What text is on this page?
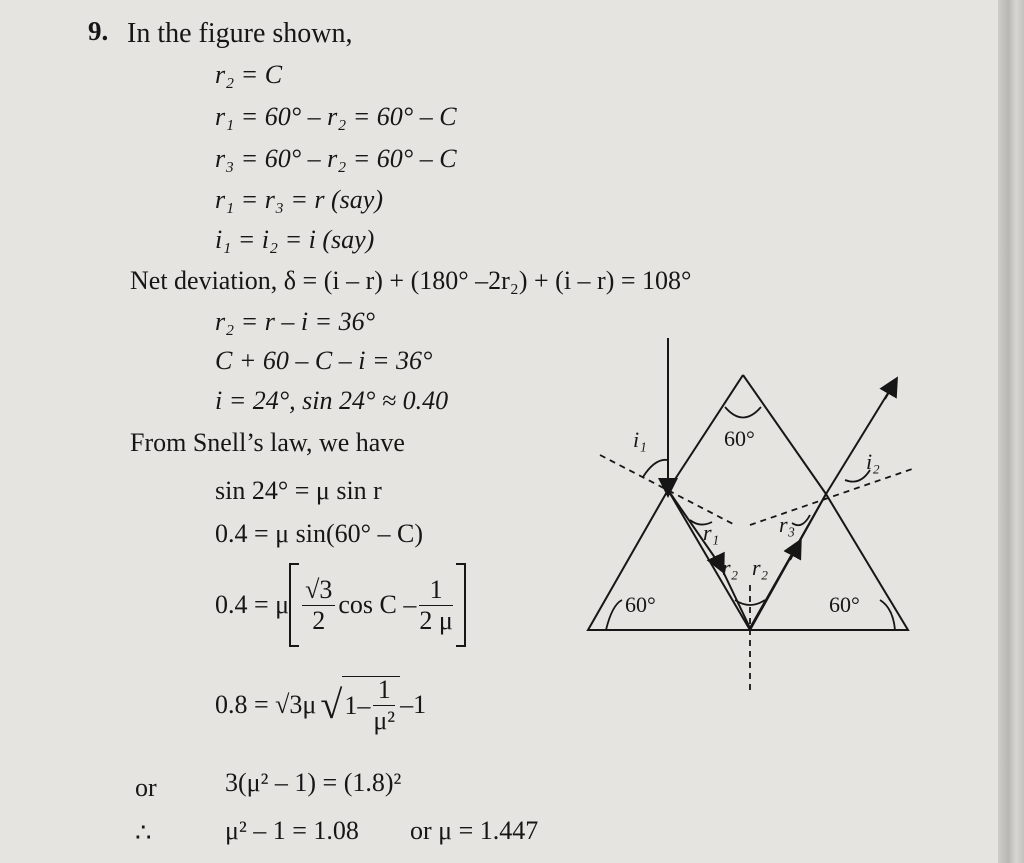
9. In the figure shown,
r₂ = C
r₁ = 60° – r₂ = 60° – C
r₃ = 60° – r₂ = 60° – C
r₁ = r₃ = r (say)
i₁ = i₂ = i (say)
Net deviation, δ = (i – r) + (180° –2r₂) + (i – r) = 108°
r₂ = r – i = 36°
C + 60 – C – i = 36°
i = 24°, sin 24° ≈ 0.40
From Snell’s law, we have
sin 24° = μ sin r
0.4 = μ sin(60° – C)
0.4 = μ $\frac{√3}{2}$ cos C – $\frac{1}{2 \mu}$
0.8 = √3μ √ $1- \frac{1}{\text{μ²}} -1$
or	3(μ² – 1) = (1.8)²
∴	μ² – 1 = 1.08 or μ = 1.447
60°
60°	60°
i₁
i₂
r₁	r₃
r₂ r₂
